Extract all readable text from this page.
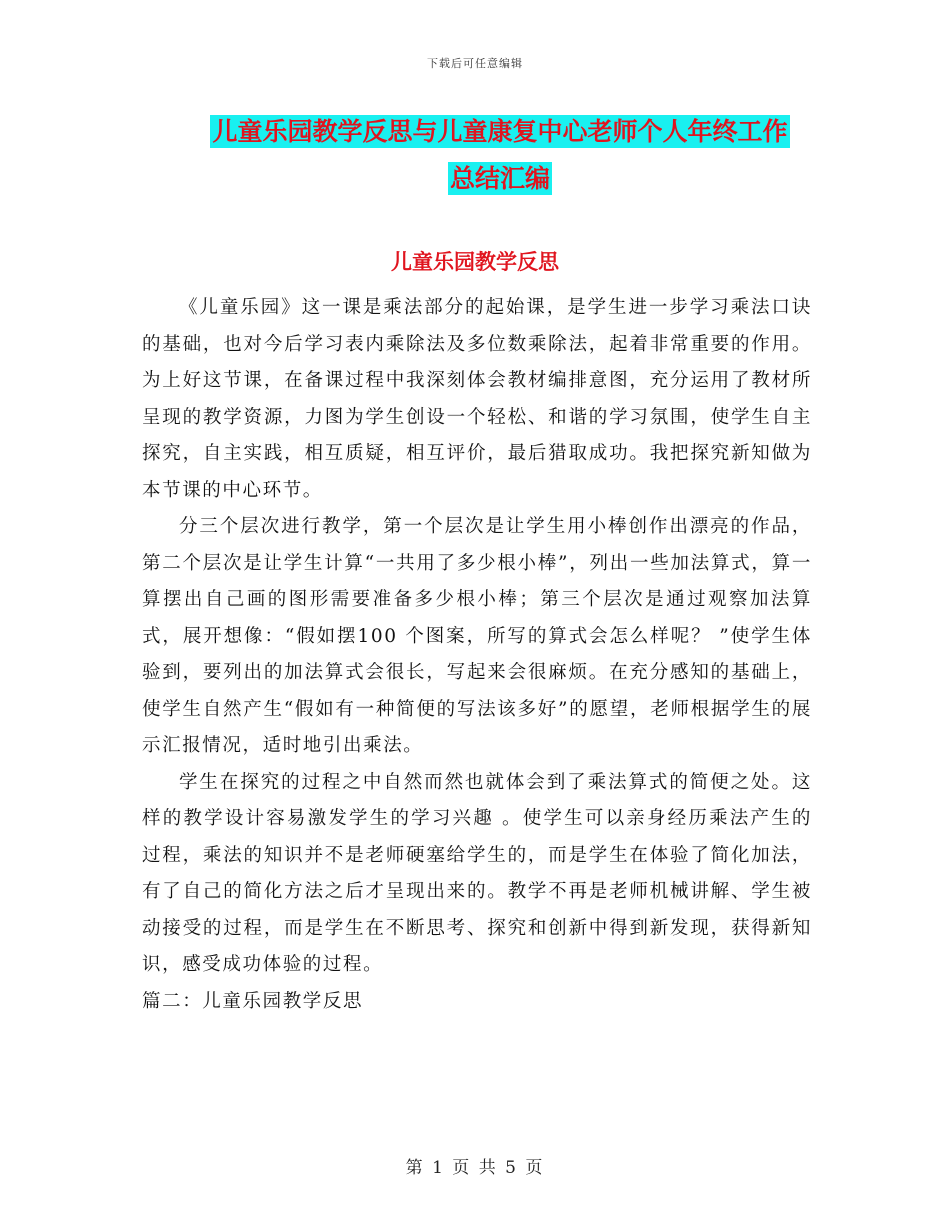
下载后可任意编辑
儿童乐园教学反思与儿童康复中心老师个人年终工作
总结汇编
儿童乐园教学反思

《儿童乐园》这一课是乘法部分的起始课，是学生进一步学习乘法口诀的基础，也对今后学习表内乘除法及多位数乘除法，起着非常重要的作用。为上好这节课，在备课过程中我深刻体会教材编排意图，充分运用了教材所呈现的教学资源，力图为学生创设一个轻松、和谐的学习氛围，使学生自主探究，自主实践，相互质疑，相互评价，最后猎取成功。我把探究新知做为本节课的中心环节。

分三个层次进行教学，第一个层次是让学生用小棒创作出漂亮的作品，第二个层次是让学生计算“一共用了多少根小棒”，列出一些加法算式，算一算摆出自己画的图形需要准备多少根小棒；第三个层次是通过观察加法算式，展开想像：“假如摆100 个图案，所写的算式会怎么样呢？ ”使学生体验到，要列出的加法算式会很长，写起来会很麻烦。在充分感知的基础上，使学生自然产生“假如有一种简便的写法该多好”的愿望，老师根据学生的展示汇报情况，适时地引出乘法。

学生在探究的过程之中自然而然也就体会到了乘法算式的简便之处。这样的教学设计容易激发学生的学习兴趣 。使学生可以亲身经历乘法产生的过程，乘法的知识并不是老师硬塞给学生的，而是学生在体验了简化加法，有了自己的简化方法之后才呈现出来的。教学不再是老师机械讲解、学生被动接受的过程，而是学生在不断思考、探究和创新中得到新发现，获得新知识，感受成功体验的过程。

篇二：儿童乐园教学反思

第 1 页 共 5 页
